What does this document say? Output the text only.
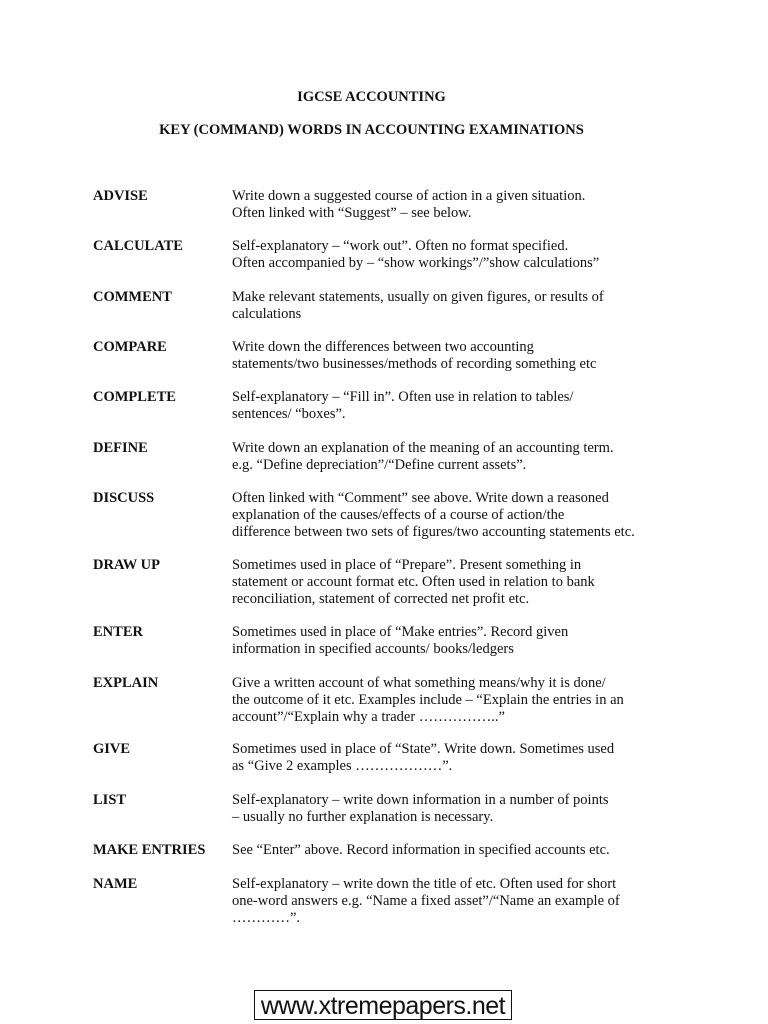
IGCSE ACCOUNTING
KEY (COMMAND) WORDS IN ACCOUNTING EXAMINATIONS
ADVISE	Write down a suggested course of action in a given situation.
Often linked with “Suggest” – see below.
CALCULATE	Self-explanatory – “work out”. Often no format specified.
Often accompanied by – “show workings”/”show calculations”
COMMENT	Make relevant statements, usually on given figures, or results of
calculations
COMPARE	Write down the differences between two accounting
statements/two businesses/methods of recording something etc
COMPLETE	Self-explanatory – “Fill in”. Often use in relation to tables/
sentences/ “boxes”.
DEFINE	Write down an explanation of the meaning of an accounting term.
e.g. “Define depreciation”/“Define current assets”.
DISCUSS	Often linked with “Comment” see above. Write down a reasoned
explanation of the causes/effects of a course of action/the
difference between two sets of figures/two accounting statements etc.
DRAW UP	Sometimes used in place of “Prepare”. Present something in
statement or account format etc. Often used in relation to bank
reconciliation, statement of corrected net profit etc.
ENTER	Sometimes used in place of “Make entries”. Record given
information in specified accounts/ books/ledgers
EXPLAIN	Give a written account of what something means/why it is done/
the outcome of it etc. Examples include – “Explain the entries in an
account”/“Explain why a trader ……………..”
GIVE	Sometimes used in place of “State”. Write down. Sometimes used
as “Give 2 examples ………………”.
LIST	Self-explanatory – write down information in a number of points
– usually no further explanation is necessary.
MAKE ENTRIES See “Enter” above. Record information in specified accounts etc.
NAME	Self-explanatory – write down the title of etc. Often used for short
one-word answers e.g. “Name a fixed asset”/“Name an example of
…………”.
www.xtremepapers.net
